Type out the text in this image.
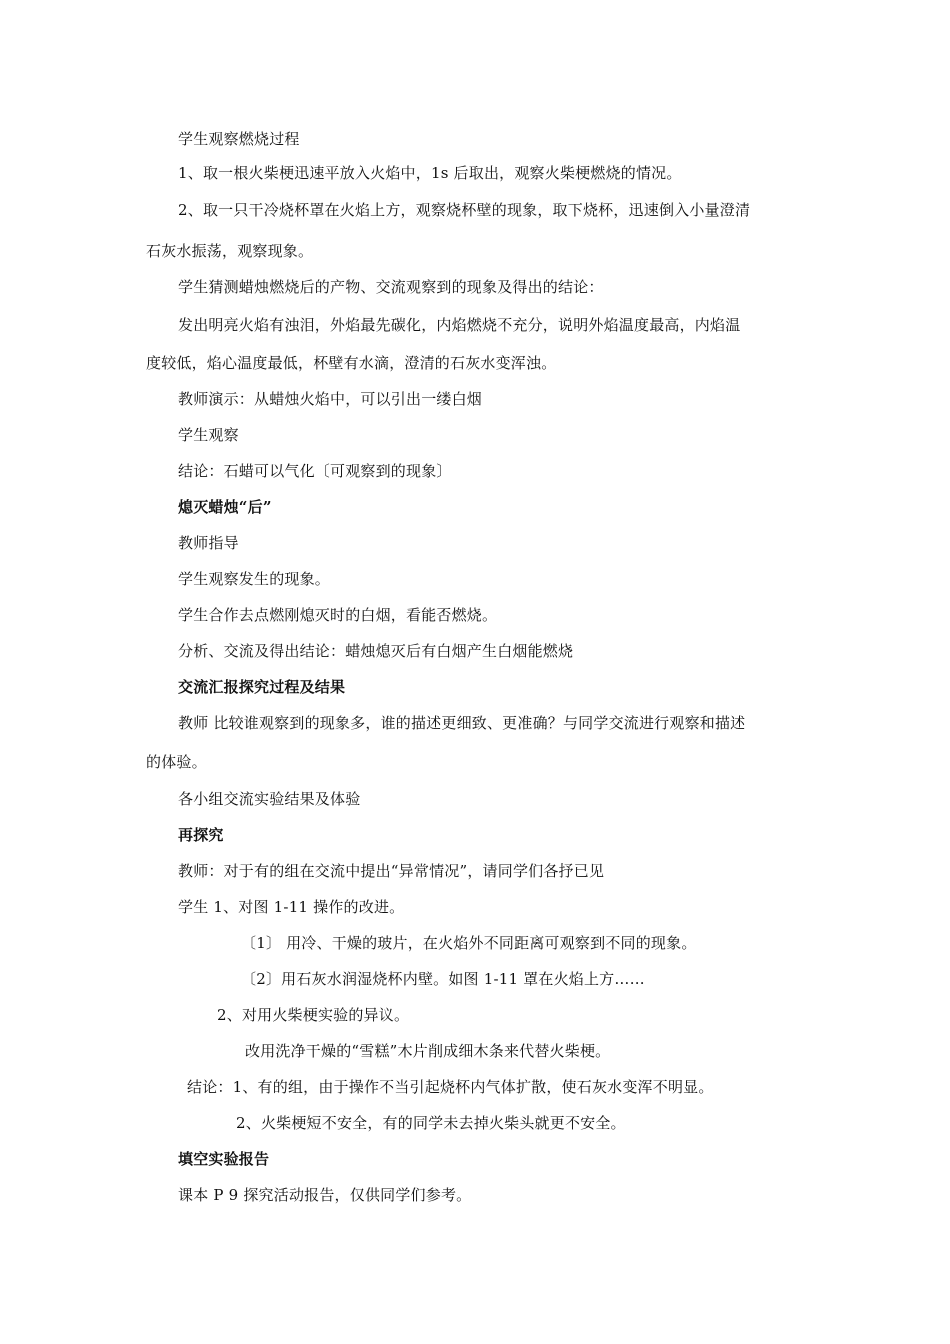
学生观察燃烧过程
1、取一根火柴梗迅速平放入火焰中，1s 后取出，观察火柴梗燃烧的情况。
2、取一只干冷烧杯罩在火焰上方，观察烧杯壁的现象，取下烧杯，迅速倒入小量澄清
石灰水振荡，观察现象。
学生猜测蜡烛燃烧后的产物、交流观察到的现象及得出的结论：
发出明亮火焰有浊泪，外焰最先碳化，内焰燃烧不充分，说明外焰温度最高，内焰温
度较低，焰心温度最低，杯壁有水滴，澄清的石灰水变浑浊。
教师演示：从蜡烛火焰中，可以引出一缕白烟
学生观察
结论：石蜡可以气化〔可观察到的现象〕
熄灭蜡烛“后”
教师指导
学生观察发生的现象。
学生合作去点燃刚熄灭时的白烟，看能否燃烧。
分析、交流及得出结论：蜡烛熄灭后有白烟产生白烟能燃烧
交流汇报探究过程及结果
教师 比较谁观察到的现象多，谁的描述更细致、更准确？与同学交流进行观察和描述
的体验。
各小组交流实验结果及体验
再探究
教师：对于有的组在交流中提出“异常情况”，请同学们各抒已见
学生 1、对图 1-11 操作的改进。
〔1〕 用冷、干燥的玻片，在火焰外不同距离可观察到不同的现象。
〔2〕用石灰水润湿烧杯内壁。如图 1-11 罩在火焰上方……
2、对用火柴梗实验的异议。
改用洗净干燥的“雪糕”木片削成细木条来代替火柴梗。
结论：1、有的组，由于操作不当引起烧杯内气体扩散，使石灰水变浑不明显。
2、火柴梗短不安全，有的同学未去掉火柴头就更不安全。
填空实验报告
课本 P 9 探究活动报告，仅供同学们参考。
